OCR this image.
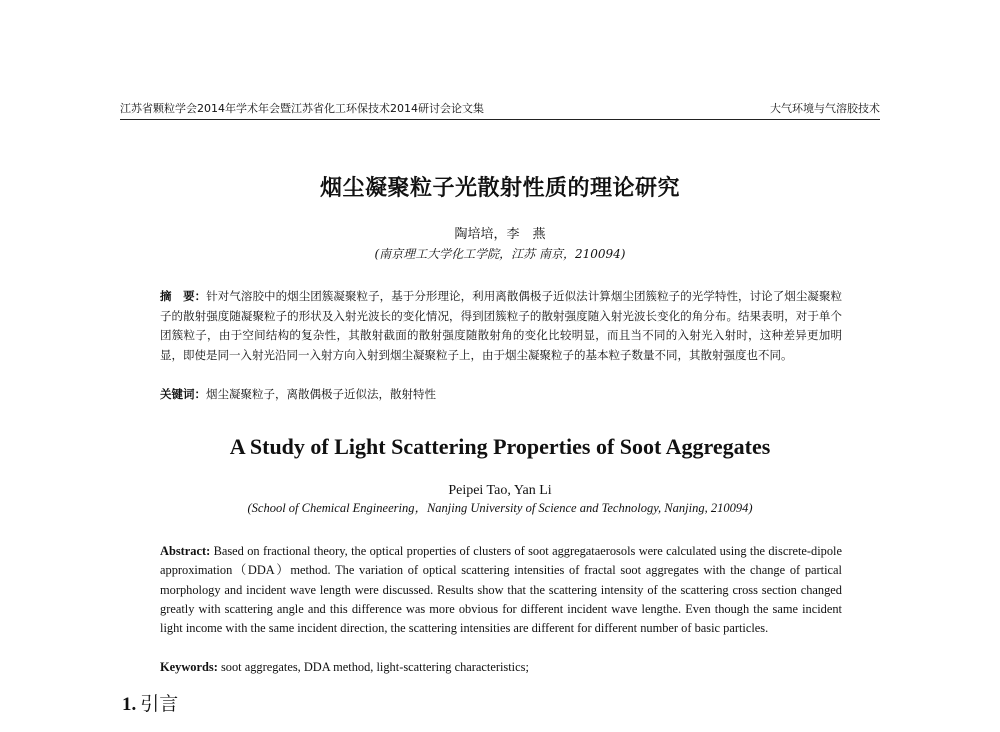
江苏省颗粒学会2014年学术年会暨江苏省化工环保技术2014研讨会论文集	大气环境与气溶胶技术
烟尘凝聚粒子光散射性质的理论研究
陶培培，李　燕
(南京理工大学化工学院，江苏 南京，210094)
摘　要：针对气溶胶中的烟尘团簇凝聚粒子，基于分形理论，利用离散偶极子近似法计算烟尘团簇粒子的光学特性，讨论了烟尘凝聚粒子的散射强度随凝聚粒子的形状及入射光波长的变化情况，得到团簇粒子的散射强度随入射光波长变化的角分布。结果表明，对于单个团簇粒子，由于空间结构的复杂性，其散射截面的散射强度随散射角的变化比较明显，而且当不同的入射光入射时，这种差异更加明显，即使是同一入射光沿同一入射方向入射到烟尘凝聚粒子上，由于烟尘凝聚粒子的基本粒子数量不同，其散射强度也不同。
关键词：烟尘凝聚粒子，离散偶极子近似法，散射特性
A Study of Light Scattering Properties of Soot Aggregates
Peipei Tao, Yan Li
(School of Chemical Engineering，Nanjing University of Science and Technology, Nanjing, 210094)
Abstract: Based on fractional theory, the optical properties of clusters of soot aggregataerosols were calculated using the discrete-dipole approximation（DDA）method. The variation of optical scattering intensities of fractal soot aggregates with the change of partical morphology and incident wave length were discussed. Results show that the scattering intensity of the scattering cross section changed greatly with scattering angle and this difference was more obvious for different incident wave lengthe. Even though the same incident light income with the same incident direction, the scattering intensities are different for different number of basic particles.
Keywords: soot aggregates, DDA method, light-scattering characteristics;
1. 引言
